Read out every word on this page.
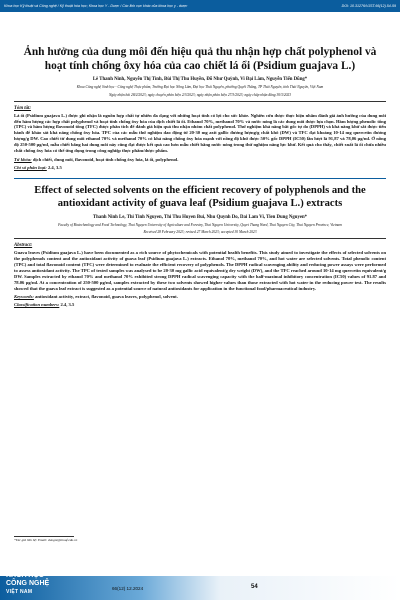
Khoa học Kỹ thuật và Công nghệ / Kỹ thuật hóa học; Khoa học Y - Dược / Các lĩnh vực khác của khoa học y - dược	DOI: 10.31276/VJST.66(12).54-59
Ảnh hưởng của dung môi đến hiệu quả thu nhận hợp chất polyphenol và hoạt tính chống ôxy hóa của cao chiết lá ổi (Psidium guajava L.)
Lê Thanh Ninh, Nguyễn Thị Tình, Bùi Thị Thu Huyền, Đỗ Như Quỳnh, Vi Đại Lâm, Nguyễn Tiến Dũng*
Khoa Công nghệ Sinh học - Công nghệ Thực phẩm, Trường Đại học Nông Lâm, Đại học Thái Nguyên, phường Quyết Thắng, TP Thái Nguyên, tỉnh Thái Nguyên, Việt Nam
Ngày nhận bài 28/2/2023; ngày chuyển phản biện 2/3/2023; ngày nhận phản biện 27/3/2023; ngày chấp nhận đăng 30/3/2023
Tóm tắt:
Lá ổi (Psidium guajava L.) được ghi nhận là nguồn hợp chất tự nhiên đa dạng với những hoạt tính có lợi cho sức khỏe. Nghiên cứu được thực hiện nhằm đánh giá ảnh hưởng của dung môi đến hàm lượng các hợp chất polyphenol và hoạt tính chống ôxy hóa của dịch chiết lá ổi. Ethanol 70%, methanol 70% và nước nóng là các dung môi được lựa chọn. Hàm lượng phenolic tổng (TPC) và hàm lượng flavonoid tổng (TFC) được phân tích để đánh giá hiệu quả thu nhận nhóm chất polyphenol. Thử nghiệm khả năng bắt gốc tự do (DPPH) và khả năng khử sắt được tiến hành để khảo sát khả năng chống ôxy hóa. TPC của các mẫu thử nghiệm dao động từ 20-30 mg axit gallic đương lượng/g chất khô (DW) và TFC đạt khoảng 10-14 mg quercetin đương lượng/g DW. Cao chiết từ dung môi ethanol 70% và methanol 70% có khả năng chống ôxy hóa mạnh với nồng độ khử được 50% gốc DPPH (IC50) lần lượt là 91,87 và 78,06 µg/ml. Ở nồng độ 250-500 µg/ml, mẫu chiết bằng hai dung môi này cũng đạt được kết quả cao hơn mẫu chiết bằng nước nóng trong thử nghiệm năng lực khử. Kết quả cho thấy, chiết xuất lá ổi chứa nhiều chất chống ôxy hóa có thể ứng dụng trong công nghiệp thực phẩm/dược phẩm.
Từ khóa: dịch chiết, dung môi, flavonoid, hoạt tính chống ôxy hóa, lá ổi, polyphenol.
Chỉ số phân loại: 2.4, 3.5
Effect of selected solvents on the efficient recovery of polyphenols and the antioxidant activity of guava leaf (Psidium guajava L.) extracts
Thanh Ninh Le, Thi Tinh Nguyen, Thi Thu Huyen Bui, Nhu Quynh Do, Dai Lam Vi, Tien Dung Nguyen*
Faculty of Biotechnology and Food Technology, Thai Nguyen University of Agriculture and Forestry, Thai Nguyen University, Quyet Thang Ward, Thai Nguyen City, Thai Nguyen Province, Vietnam
Received 28 February 2023; revised 27 March 2023; accepted 30 March 2023
Abstract:
Guava leaves (Psidium guajava L.) have been documented as a rich source of phytochemicals with potential health benefits. This study aimed to investigate the effects of selected solvents on the polyphenols content and the antioxidant activity of guava leaf (Psidium guajava L.) extracts. Ethanol 70%, methanol 70%, and hot water are selected solvents. Total phenolic content (TPC) and total flavonoid content (TFC) were determined to evaluate the efficient recovery of polyphenols. The DPPH radical scavenging ability and reducing power assays were performed to assess antioxidant activity. The TPC of tested samples was analysed to be 20-30 mg gallic acid equivalent/g dry weight (DW), and the TFC reached around 10-14 mg quercetin equivalent/g DW. Samples extracted by ethanol 70% and methanol 70% exhibited strong DPPH radical scavenging capacity with the half-maximal inhibitory concentration (IC50) values of 91.87 and 78.06 µg/ml. At a concentration of 250-500 µg/ml, samples extracted by these two solvents showed higher values than those extracted with hot water in the reducing power test. The results showed that the guava leaf extract is suggested as a potential source of natural antioxidants for application in the functional food/pharmaceutical industry.
Keywords: antioxidant activity, extract, flavonoid, guava leaves, polyphenol, solvent.
Classification numbers: 2.4, 3.5
*Tác giả liên hệ: Email: dungnt@tnuaf.edu.vn
KHOA HỌC
CÔNG NGHỆ
VIỆT NAM
66(12) 12.2024	54
